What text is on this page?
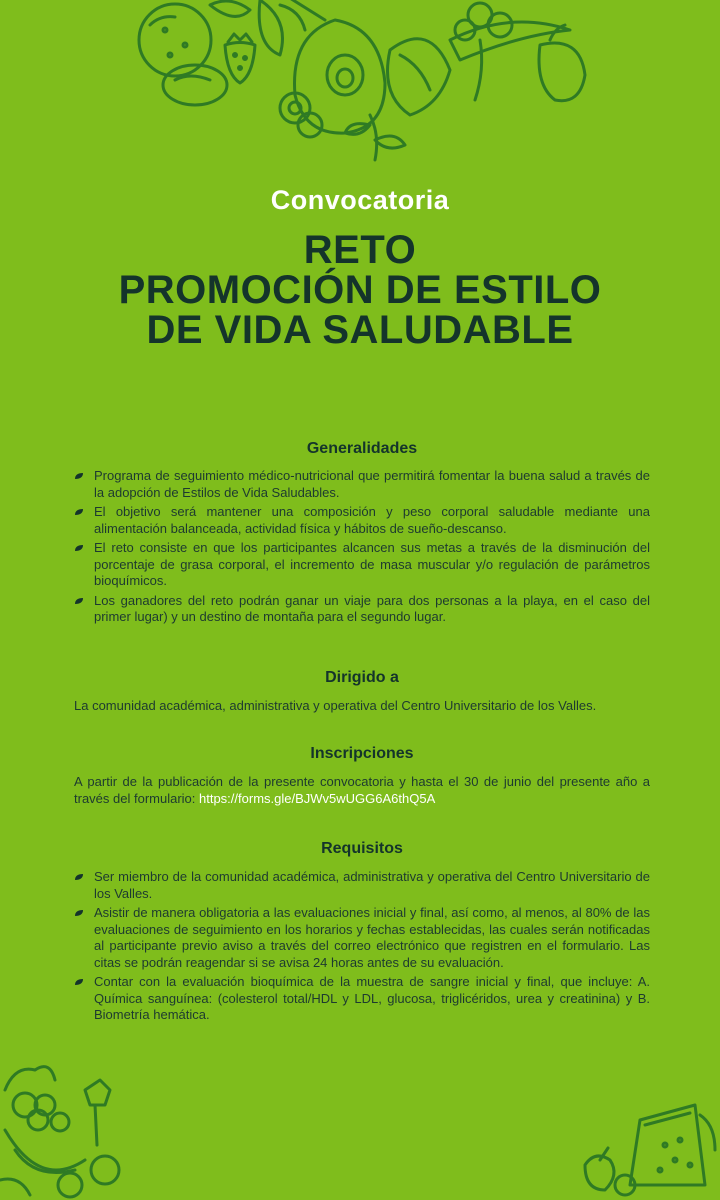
Convocatoria
RETO
PROMOCIÓN DE ESTILO
DE VIDA SALUDABLE
Generalidades
Programa de seguimiento médico-nutricional que permitirá fomentar la buena salud a través de la adopción de Estilos de Vida Saludables.
El objetivo será mantener una composición y peso corporal saludable mediante una alimentación balanceada, actividad física y hábitos de sueño-descanso.
El reto consiste en que los participantes alcancen sus metas a través de la disminución del porcentaje de grasa corporal, el incremento de masa muscular y/o regulación de parámetros bioquímicos.
Los ganadores del reto podrán ganar un viaje para dos personas a la playa, en el caso del primer lugar) y un destino de montaña para el segundo lugar.
Dirigido a

La comunidad académica, administrativa y operativa del Centro Universitario de los Valles.

Inscripciones

A partir de la publicación de la presente convocatoria y hasta el 30 de junio del presente año a través del formulario: https://forms.gle/BJWv5wUGG6A6thQ5A

Requisitos
Ser miembro de la comunidad académica, administrativa y operativa del Centro Universitario de los Valles.
Asistir de manera obligatoria a las evaluaciones inicial y final, así como, al menos, al 80% de las evaluaciones de seguimiento en los horarios y fechas establecidas, las cuales serán notificadas al participante previo aviso a través del correo electrónico que registren en el formulario. Las citas se podrán reagendar si se avisa 24 horas antes de su evaluación.
Contar con la evaluación bioquímica de la muestra de sangre inicial y final, que incluye: A. Química sanguínea: (colesterol total/HDL y LDL, glucosa, triglicéridos, urea y creatinina) y B. Biometría hemática.
